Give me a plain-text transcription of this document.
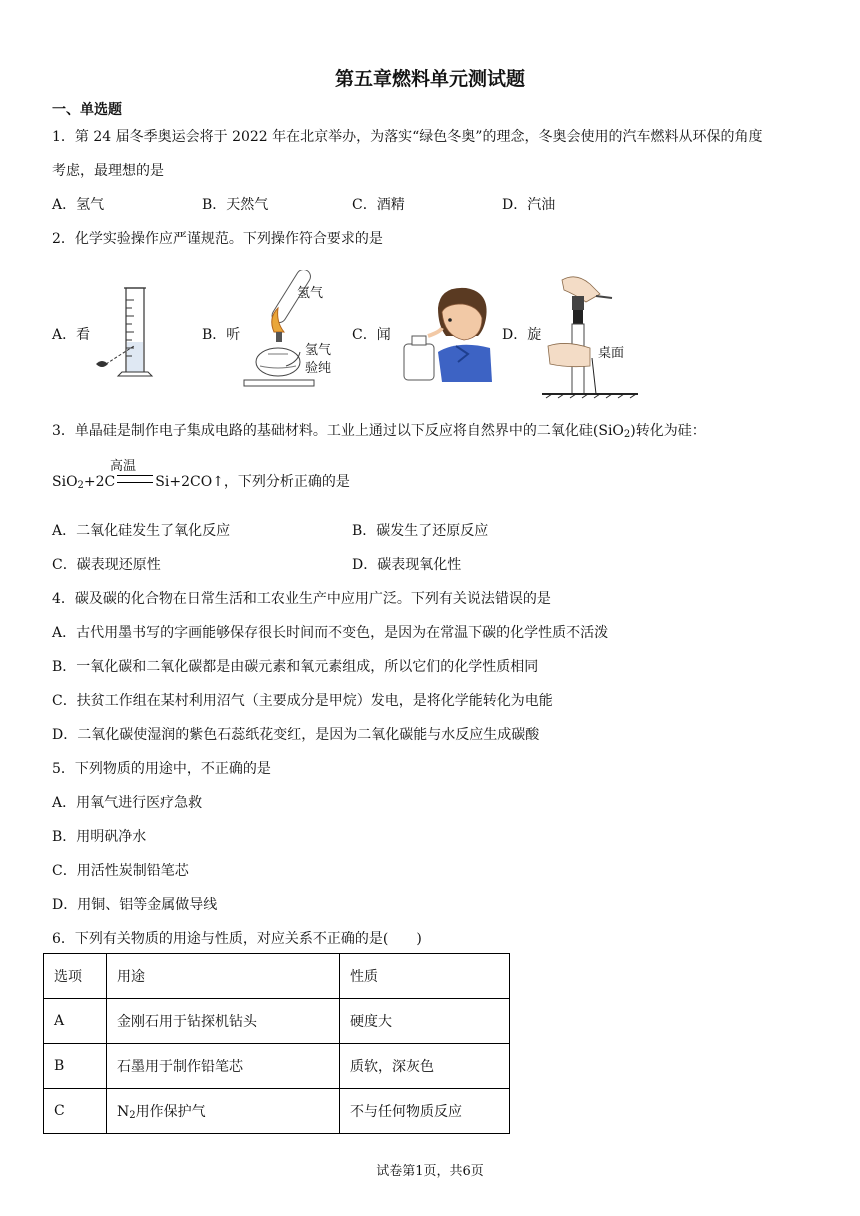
第五章燃料单元测试题
一、单选题
1．第 24 届冬季奥运会将于 2022 年在北京举办，为落实“绿色冬奥”的理念，冬奥会使用的汽车燃料从环保的角度
考虑，最理想的是
A．氢气	B．天然气	C．酒精	D．汽油
2．化学实验操作应严谨规范。下列操作符合要求的是
A．看	B．听	C．闻	D．旋
氢气
氢气
验纯
桌面
3．单晶硅是制作电子集成电路的基础材料。工业上通过以下反应将自然界中的二氧化硅(SiO$_2$)转化为硅：
高温
SiO$_2$+2C	Si+2CO↑，下列分析正确的是
A．二氧化硅发生了氧化反应	B．碳发生了还原反应
C．碳表现还原性	D．碳表现氧化性
4．碳及碳的化合物在日常生活和工农业生产中应用广泛。下列有关说法错误的是
A．古代用墨书写的字画能够保存很长时间而不变色，是因为在常温下碳的化学性质不活泼
B．一氧化碳和二氧化碳都是由碳元素和氧元素组成，所以它们的化学性质相同
C．扶贫工作组在某村利用沼气（主要成分是甲烷）发电，是将化学能转化为电能
D．二氧化碳使湿润的紫色石蕊纸花变红，是因为二氧化碳能与水反应生成碳酸
5．下列物质的用途中，不正确的是
A．用氧气进行医疗急救
B．用明矾净水
C．用活性炭制铅笔芯
D．用铜、铝等金属做导线
6．下列有关物质的用途与性质，对应关系不正确的是(　　)
选项	用途	性质
A	金刚石用于钻探机钻头	硬度大
B	石墨用于制作铅笔芯	质软，深灰色
C	$N_2$用作保护气	不与任何物质反应
试卷第1页，共6页
